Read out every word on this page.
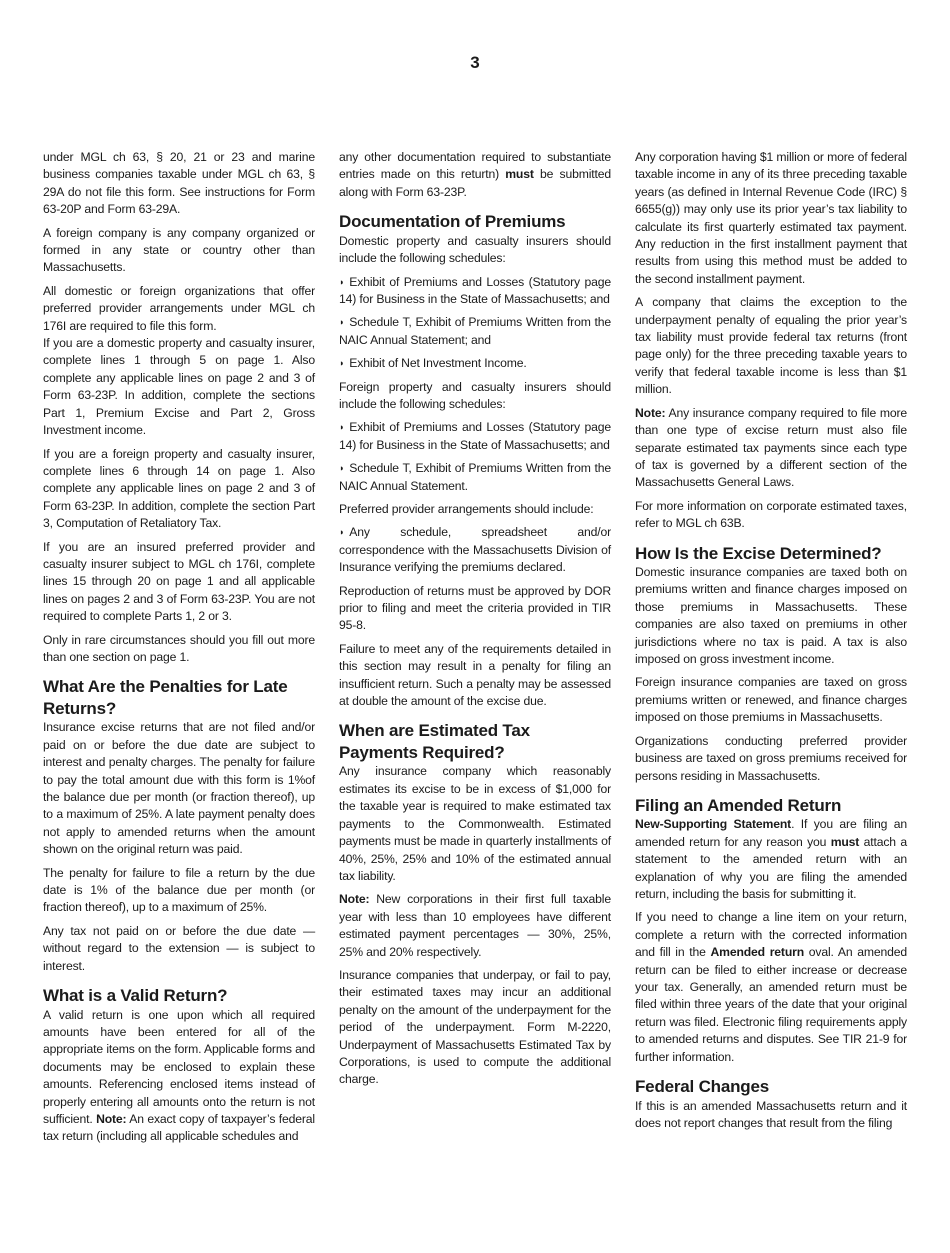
3

under MGL ch 63, § 20, 21 or 23 and marine business companies taxable under MGL ch 63, § 29A do not file this form. See instructions for Form 63-20P and Form 63-29A.

A foreign company is any company organized or formed in any state or country other than Massachusetts.

All domestic or foreign organizations that offer preferred provider arrangements under MGL ch 176I are required to file this form.

If you are a domestic property and casualty insurer, complete lines 1 through 5 on page 1. Also complete any applicable lines on page 2 and 3 of Form 63-23P. In addition, complete the sections Part 1, Premium Excise and Part 2, Gross Investment income.

If you are a foreign property and casualty insurer, complete lines 6 through 14 on page 1. Also complete any applicable lines on page 2 and 3 of Form 63-23P. In addition, complete the section Part 3, Computation of Retaliatory Tax.

If you are an insured preferred provider and casualty insurer subject to MGL ch 176I, complete lines 15 through 20 on page 1 and all applicable lines on pages 2 and 3 of Form 63-23P. You are not required to complete Parts 1, 2 or 3.

Only in rare circumstances should you fill out more than one section on page 1.

What Are the Penalties for Late Returns?

Insurance excise returns that are not filed and/or paid on or before the due date are subject to interest and penalty charges. The penalty for failure to pay the total amount due with this form is 1%of the balance due per month (or fraction thereof), up to a maximum of 25%. A late payment penalty does not apply to amended returns when the amount shown on the original return was paid.

The penalty for failure to file a return by the due date is 1% of the balance due per month (or fraction thereof), up to a maximum of 25%.

Any tax not paid on or before the due date — without regard to the extension — is subject to interest.

What is a Valid Return?

A valid return is one upon which all required amounts have been entered for all of the appropriate items on the form. Applicable forms and documents may be enclosed to explain these amounts. Referencing enclosed items instead of properly entering all amounts onto the return is not sufficient. Note: An exact copy of taxpayer’s federal tax return (including all applicable schedules and

any other documentation required to substantiate entries made on this returtn) must be submitted along with Form 63-23P.

Documentation of Premiums

Domestic property and casualty insurers should include the following schedules:

◗ Exhibit of Premiums and Losses (Statutory page 14) for Business in the State of Massachusetts; and

◗ Schedule T, Exhibit of Premiums Written from the NAIC Annual Statement; and

◗ Exhibit of Net Investment Income.

Foreign property and casualty insurers should include the following schedules:

◗ Exhibit of Premiums and Losses (Statutory page 14) for Business in the State of Massachusetts; and

◗ Schedule T, Exhibit of Premiums Written from the NAIC Annual Statement.

Preferred provider arrangements should include:

◗ Any schedule, spreadsheet and/or correspondence with the Massachusetts Division of Insurance verifying the premiums declared.

Reproduction of returns must be approved by DOR prior to filing and meet the criteria provided in TIR 95-8.

Failure to meet any of the requirements detailed in this section may result in a penalty for filing an insufficient return. Such a penalty may be assessed at double the amount of the excise due.

When are Estimated Tax Payments Required?

Any insurance company which reasonably estimates its excise to be in excess of $1,000 for the taxable year is required to make estimated tax payments to the Commonwealth. Estimated payments must be made in quarterly installments of 40%, 25%, 25% and 10% of the estimated annual tax liability.

Note: New corporations in their first full taxable year with less than 10 employees have different estimated payment percentages — 30%, 25%, 25% and 20% respectively.

Insurance companies that underpay, or fail to pay, their estimated taxes may incur an additional penalty on the amount of the underpayment for the period of the underpayment. Form M-2220, Underpayment of Massachusetts Estimated Tax by Corporations, is used to compute the additional charge.

Any corporation having $1 million or more of federal taxable income in any of its three preceding taxable years (as defined in Internal Revenue Code (IRC) § 6655(g)) may only use its prior year’s tax liability to calculate its first quarterly estimated tax payment. Any reduction in the first installment payment that results from using this method must be added to the second installment payment.

A company that claims the exception to the underpayment penalty of equaling the prior year’s tax liability must provide federal tax returns (front page only) for the three preceding taxable years to verify that federal taxable income is less than $1 million.

Note: Any insurance company required to file more than one type of excise return must also file separate estimated tax payments since each type of tax is governed by a different section of the Massachusetts General Laws.

For more information on corporate estimated taxes, refer to MGL ch 63B.

How Is the Excise Determined?

Domestic insurance companies are taxed both on premiums written and finance charges imposed on those premiums in Massachusetts. These companies are also taxed on premiums in other jurisdictions where no tax is paid. A tax is also imposed on gross investment income.

Foreign insurance companies are taxed on gross premiums written or renewed, and finance charges imposed on those premiums in Massachusetts.

Organizations conducting preferred provider business are taxed on gross premiums received for persons residing in Massachusetts.

Filing an Amended Return

New-Supporting Statement. If you are filing an amended return for any reason you must attach a statement to the amended return with an explanation of why you are filing the amended return, including the basis for submitting it.

If you need to change a line item on your return, complete a return with the corrected information and fill in the Amended return oval. An amended return can be filed to either increase or decrease your tax. Generally, an amended return must be filed within three years of the date that your original return was filed. Electronic filing requirements apply to amended returns and disputes. See TIR 21-9 for further information.

Federal Changes

If this is an amended Massachusetts return and it does not report changes that result from the filing
